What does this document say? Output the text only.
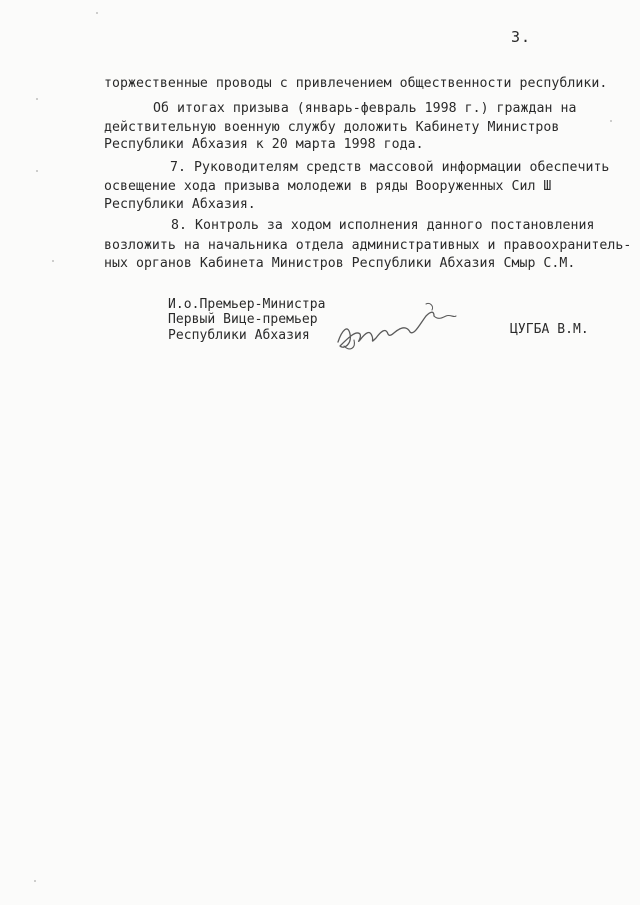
3.
торжественные проводы с привлечением общественности республики.
Об итогах призыва (январь-февраль 1998 г.) граждан на
действительную военную службу доложить Кабинету Министров
Республики Абхазия к 20 марта 1998 года.
7. Руководителям средств массовой информации обеспечить
освещение хода призыва молодежи в ряды Вооруженных Сил Ш
Республики Абхазия.
8. Контроль за ходом исполнения данного постановления
возложить на начальника отдела административных и правоохранитель-
ных органов Кабинета Министров Республики Абхазия Смыр С.М.
И.о.Премьер-Министра
Первый Вице-премьер
Республики Абхазия	ЦУГБА В.М.
